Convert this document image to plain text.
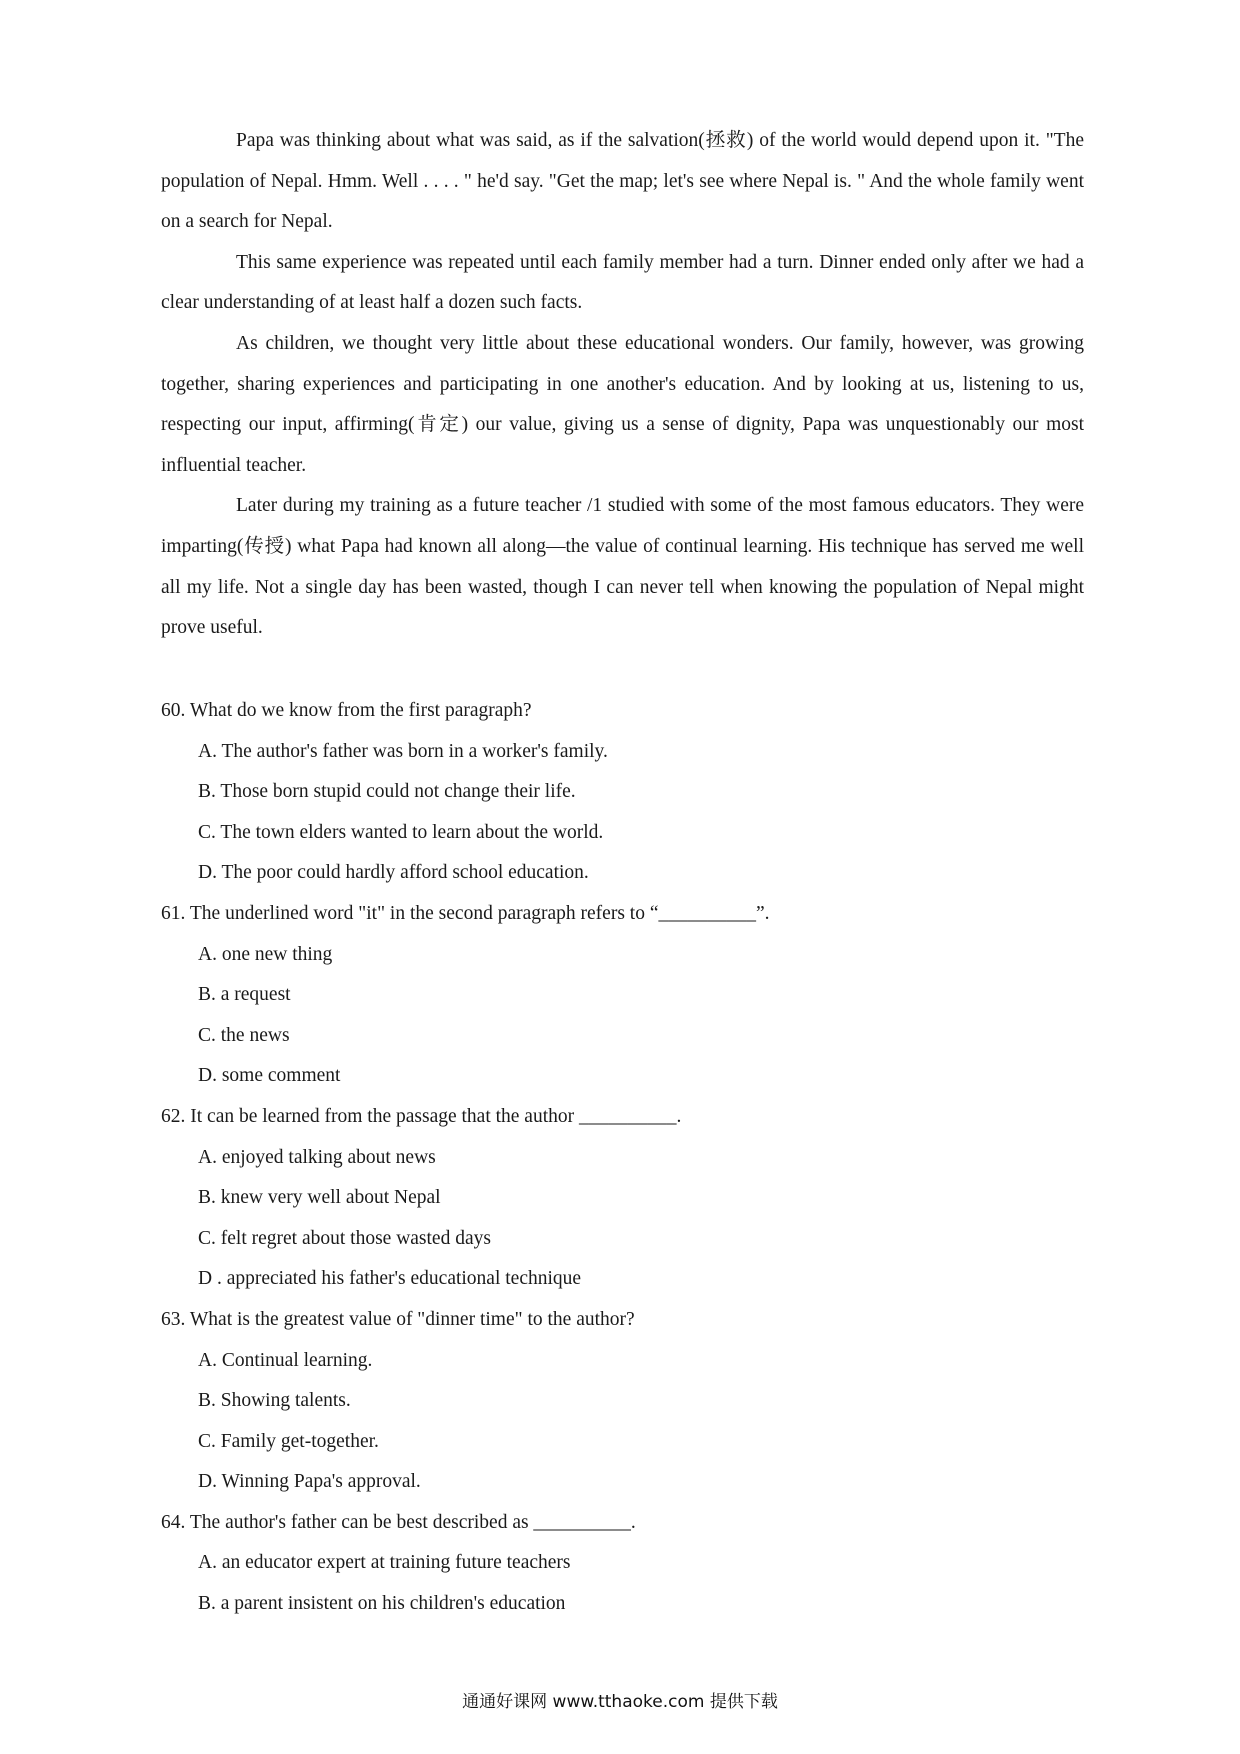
Papa was thinking about what was said, as if the salvation(拯救) of the world would depend upon it. "The population of Nepal. Hmm. Well . . . . " he'd say. "Get the map; let's see where Nepal is. " And the whole family went on a search for Nepal.

This same experience was repeated until each family member had a turn. Dinner ended only after we had a clear understanding of at least half a dozen such facts.

As children, we thought very little about these educational wonders. Our family, however, was growing together, sharing experiences and participating in one another's education. And by looking at us, listening to us, respecting our input, affirming(肯定) our value, giving us a sense of dignity, Papa was unquestionably our most influential teacher.

Later during my training as a future teacher /1 studied with some of the most famous educators. They were imparting(传授) what Papa had known all along—the value of continual learning. His technique has served me well all my life. Not a single day has been wasted, though I can never tell when knowing the population of Nepal might prove useful.

60. What do we know from the first paragraph?

A. The author's father was born in a worker's family.

B. Those born stupid could not change their life.

C. The town elders wanted to learn about the world.

D. The poor could hardly afford school education.

61. The underlined word "it" in the second paragraph refers to “__________”.

A. one new thing

B. a request

C. the news

D. some comment

62. It can be learned from the passage that the author __________.

A. enjoyed talking about news

B. knew very well about Nepal

C. felt regret about those wasted days

D . appreciated his father's educational technique

63. What is the greatest value of "dinner time" to the author?

A. Continual learning.

B. Showing talents.

C. Family get-together.

D. Winning Papa's approval.

64. The author's father can be best described as __________.

A. an educator expert at training future teachers

B. a parent insistent on his children's education

通通好课网 www.tthaoke.com 提供下载
